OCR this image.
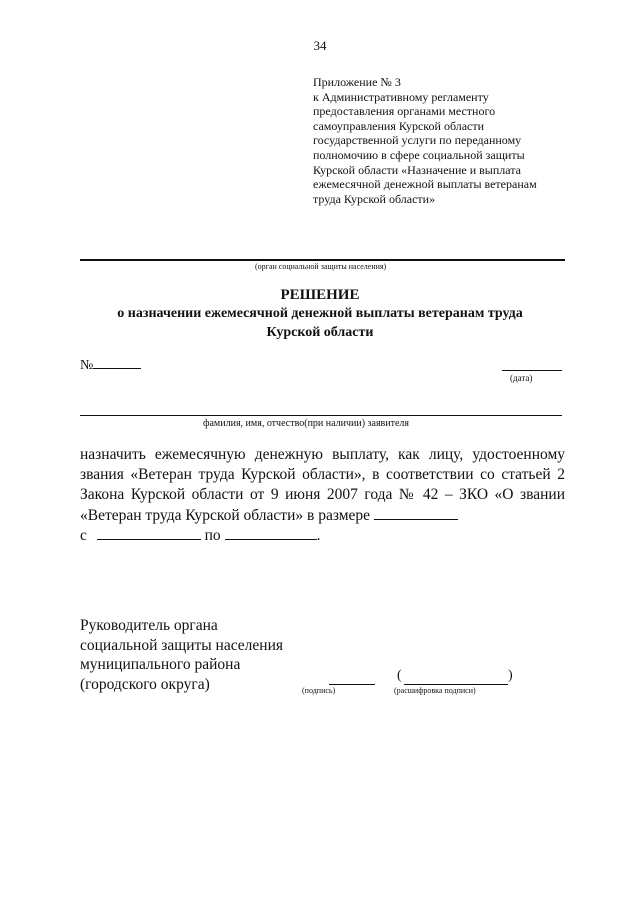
34
Приложение № 3
к Административному регламенту
предоставления органами местного
самоуправления Курской области
государственной услуги по переданному
полномочию в сфере социальной защиты
Курской области «Назначение и выплата
ежемесячной денежной выплаты ветеранам
труда Курской области»
(орган социальной защиты населения)
РЕШЕНИЕ
о назначении ежемесячной денежной выплаты ветеранам труда
Курской области
№
(дата)
фамилия, имя, отчество(при наличии) заявителя
назначить ежемесячную денежную выплату, как лицу, удостоенному
звания «Ветеран труда Курской области», в соответствии со статьей 2
Закона Курской области от 9 июня 2007 года № 42 – ЗКО «О звании
«Ветеран труда Курской области» в размере
с	по	.
Руководитель органа
социальной защиты населения
муниципального района
(городского округа)
(	)
(подпись)	(расшифровка подписи)
